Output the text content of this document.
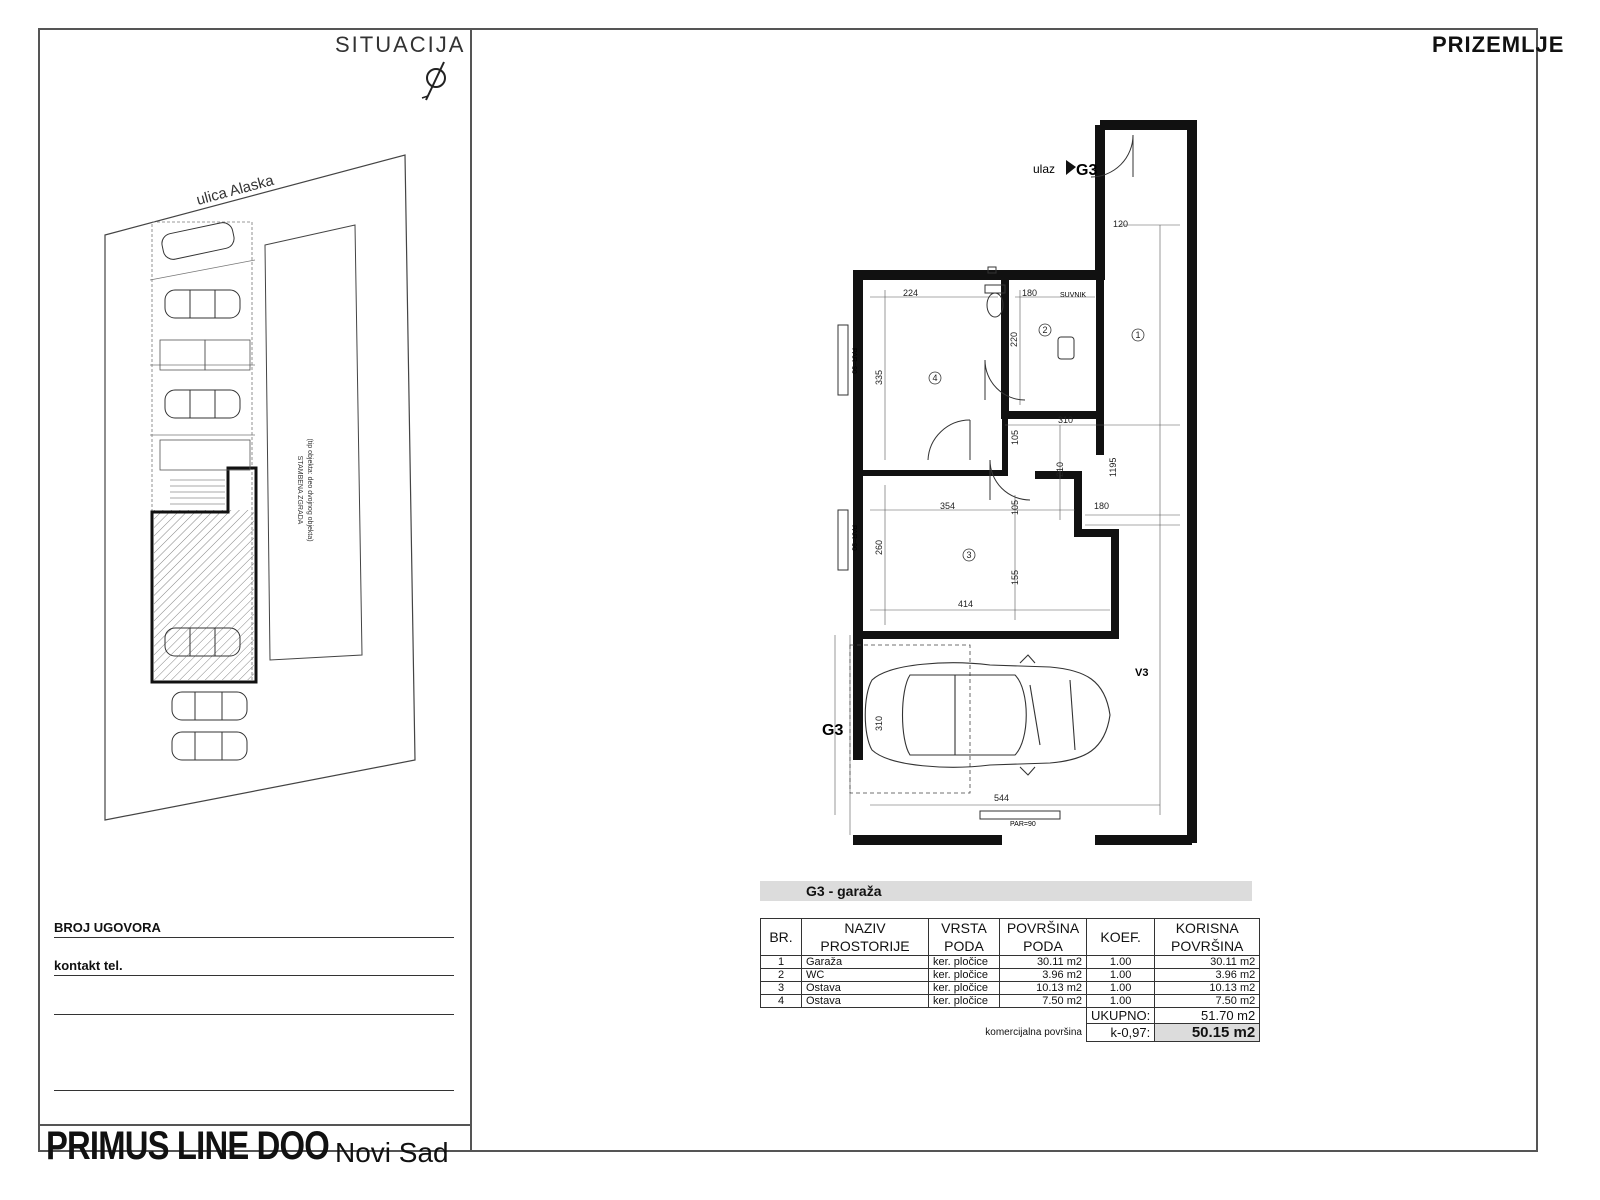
SITUACIJA	PRIZEMLJE
ulica Alaska
STAMBENA ZGRADA (tip objekta: deo dvojnog objekta)
BROJ UGOVORA
kontakt tel.
PRIMUS LINE DOO Novi Sad
ulaz G3
G3
SUVNIK
V3
PAR=90
PAR=90
PAR=90
120
224	180
220
335
310
105
210	1195
354	105	180
260
155
414
310
544
1
2
3
4
G3 - garaža
BR.	NAZIV PROSTORIJE	VRSTA PODA	POVRŠINA PODA	KOEF.	KORISNA POVRŠINA
1	Garaža	ker. pločice	30.11 m2	1.00	30.11 m2
2	WC	ker. pločice	3.96 m2	1.00	3.96 m2
3	Ostava	ker. pločice	10.13 m2	1.00	10.13 m2
4	Ostava	ker. pločice	7.50 m2	1.00	7.50 m2
				UKUPNO:	51.70 m2
komercijalna površina				k-0,97:	50.15 m2
